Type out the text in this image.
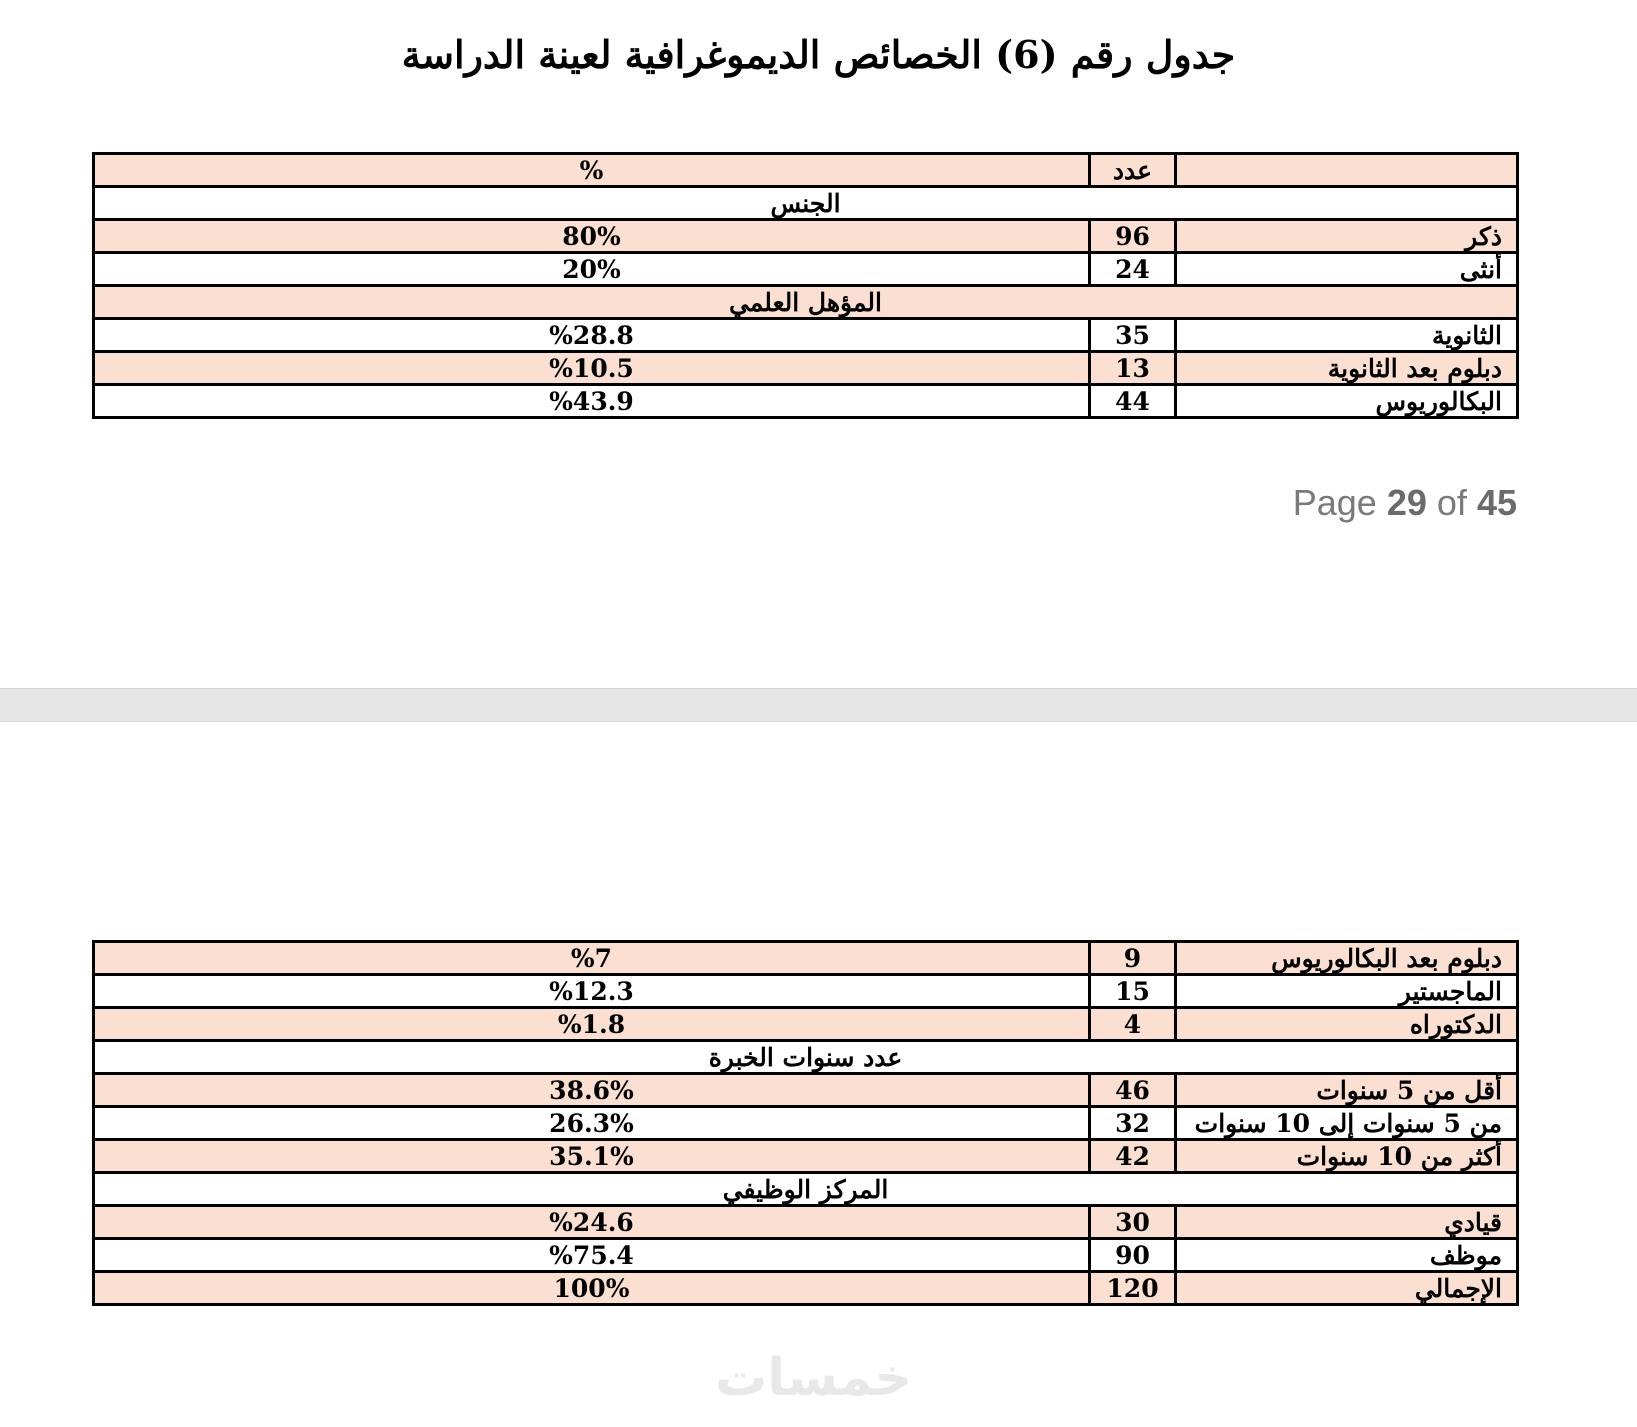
جدول رقم (6) الخصائص الديموغرافية لعينة الدراسة
	عدد	%
الجنس		
ذكر	96	80%
أنثى	24	20%
المؤهل العلمي		
الثانوية	35	%28.8
دبلوم بعد الثانوية	13	%10.5
البكالوريوس	44	%43.9
Page 29 of 45
دبلوم بعد البكالوريوس	9	%7
الماجستير	15	%12.3
الدكتوراه	4	%1.8
عدد سنوات الخبرة		
أقل من 5 سنوات	46	38.6%
من 5 سنوات إلى 10 سنوات	32	26.3%
أكثر من 10 سنوات	42	35.1%
المركز الوظيفي		
قيادي	30	%24.6
موظف	90	%75.4
الإجمالي	120	100%
خمسات
